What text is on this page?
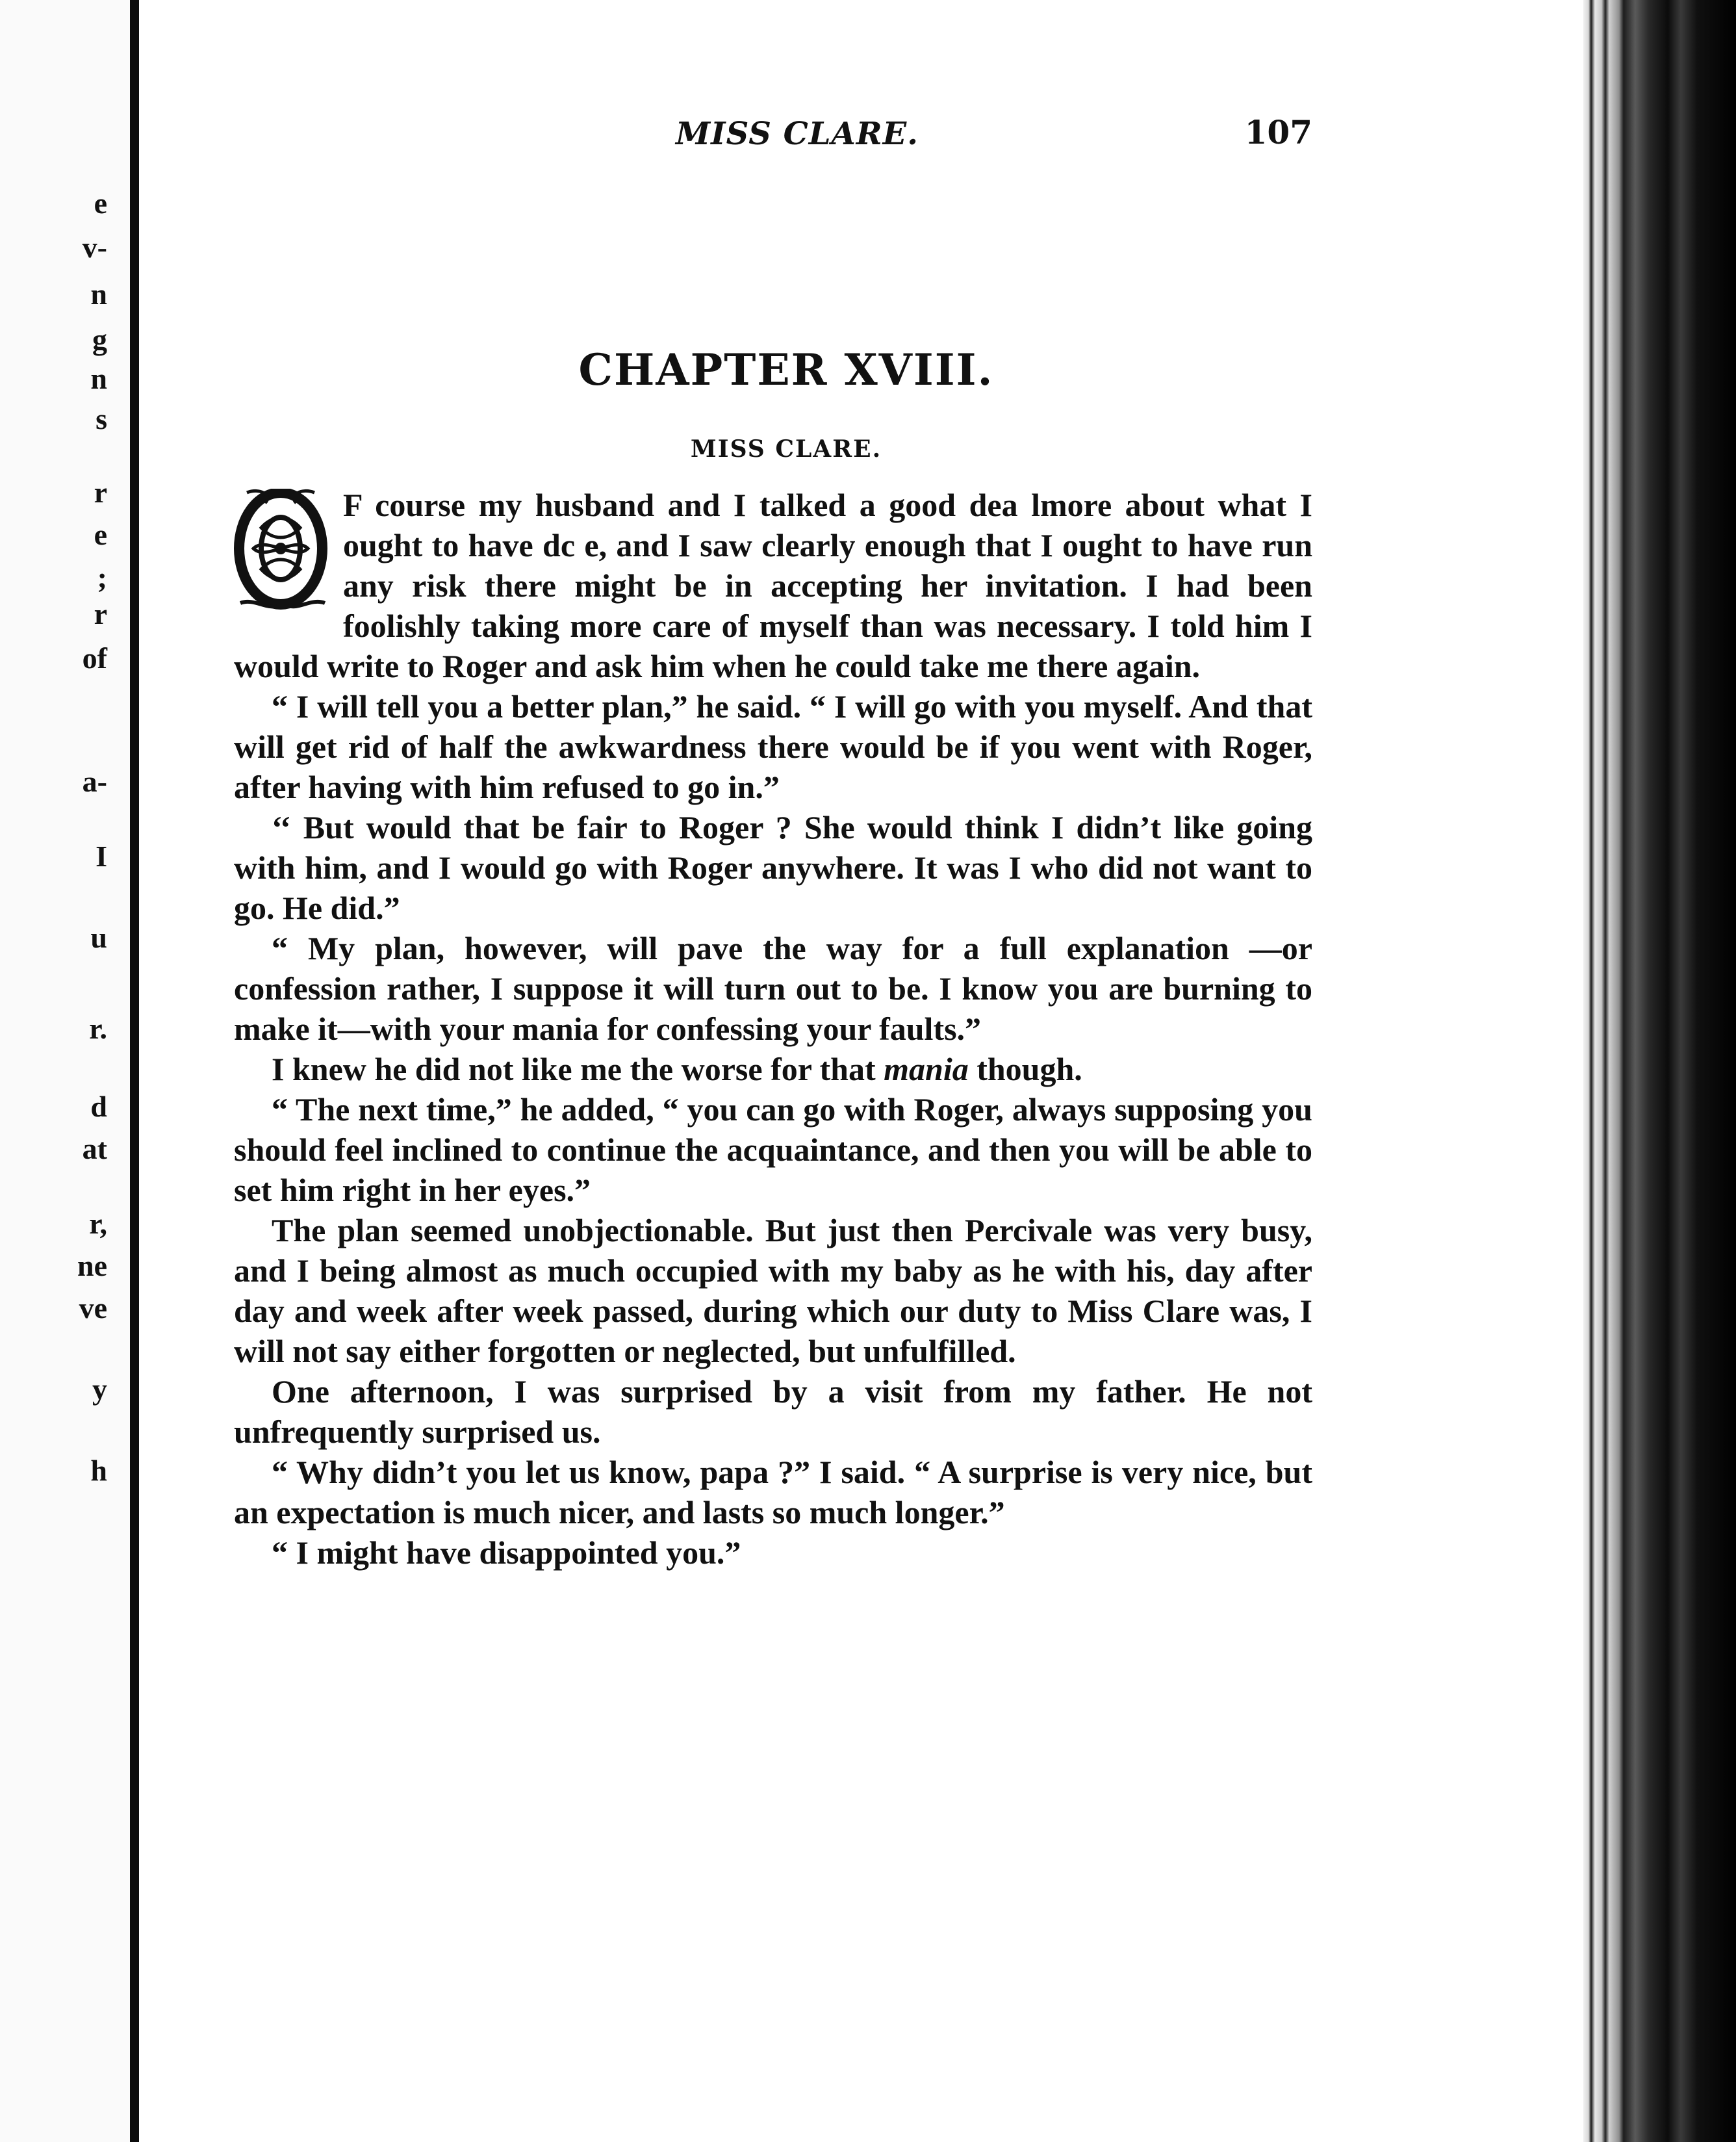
e
v-
n
g
n
s
r
e
;
r
of
a-
I
u
r.
d
at
r,
ne
ve
y
h
MISS CLARE.	107
CHAPTER XVIII.
MISS CLARE.

F course my husband and I talked a good dea lmore about what I ought to have dc e, and I saw clearly enough that I ought to have run any risk there might be in accepting her invitation. I had been foolishly taking more care of myself than was necessary. I told him I would write to Roger and ask him when he could take me there again.

“ I will tell you a better plan,” he said. “ I will go with you myself. And that will get rid of half the awkwardness there would be if you went with Roger, after having with him refused to go in.”

‘‘ But would that be fair to Roger ? She would think I didn’t like going with him, and I would go with Roger anywhere. It was I who did not want to go. He did.”

“ My plan, however, will pave the way for a full explanation —or confession rather, I suppose it will turn out to be. I know you are burning to make it—with your mania for confessing your faults.”

I knew he did not like me the worse for that mania though.

“ The next time,” he added, “ you can go with Roger, always supposing you should feel inclined to continue the acquaintance, and then you will be able to set him right in her eyes.”

The plan seemed unobjectionable. But just then Percivale was very busy, and I being almost as much occupied with my baby as he with his, day after day and week after week passed, during which our duty to Miss Clare was, I will not say either forgotten or neglected, but unfulfilled.

One afternoon, I was surprised by a visit from my father. He not unfrequently surprised us.

“ Why didn’t you let us know, papa ?” I said. “ A surprise is very nice, but an expectation is much nicer, and lasts so much longer.”

“ I might have disappointed you.”
